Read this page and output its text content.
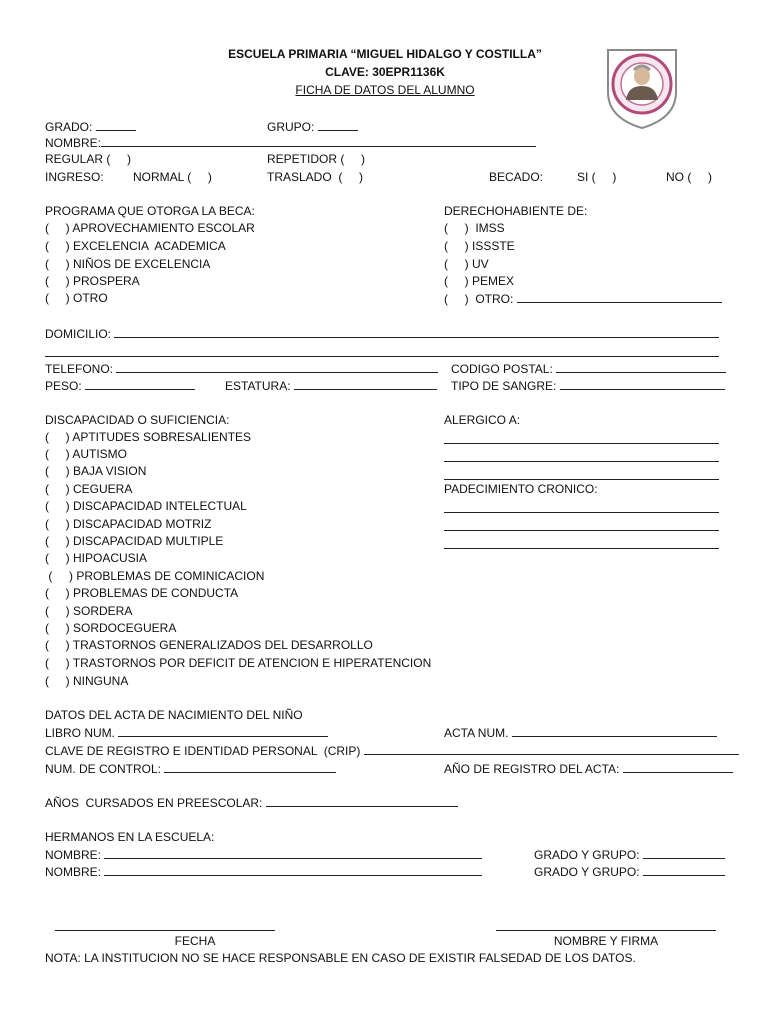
ESCUELA PRIMARIA “MIGUEL HIDALGO Y COSTILLA”
CLAVE: 30EPR1136K
FICHA DE DATOS DEL ALUMNO
GRADO:	GRUPO:
NOMBRE:
REGULAR (     )	REPETIDOR (     )
INGRESO: NORMAL (     )	TRASLADO  (     )	BECADO:	SI (     )	NO (     )
PROGRAMA QUE OTORGA LA BECA:
(     ) APROVECHAMIENTO ESCOLAR
(     ) EXCELENCIA  ACADEMICA
(     ) NIÑOS DE EXCELENCIA
(     ) PROSPERA
(     ) OTRO
DERECHOHABIENTE DE:
(     )  IMSS
(     ) ISSSTE
(     ) UV
(     ) PEMEX
(     )  OTRO:
DOMICILIO:
TELEFONO:	CODIGO POSTAL:
PESO:	ESTATURA:	TIPO DE SANGRE:
DISCAPACIDAD O SUFICIENCIA:
(     ) APTITUDES SOBRESALIENTES
(     ) AUTISMO
(     ) BAJA VISION
(     ) CEGUERA
(     ) DISCAPACIDAD INTELECTUAL
(     ) DISCAPACIDAD MOTRIZ
(     ) DISCAPACIDAD MULTIPLE
(     ) HIPOACUSIA
(     ) PROBLEMAS DE COMINICACION
(     ) PROBLEMAS DE CONDUCTA
(     ) SORDERA
(     ) SORDOCEGUERA
(     ) TRASTORNOS GENERALIZADOS DEL DESARROLLO
(     ) TRASTORNOS POR DEFICIT DE ATENCION E HIPERATENCION
(     ) NINGUNA
ALERGICO A:
PADECIMIENTO CRONICO:
DATOS DEL ACTA DE NACIMIENTO DEL NIÑO
LIBRO NUM.	ACTA NUM.
CLAVE DE REGISTRO E IDENTIDAD PERSONAL  (CRIP)
NUM. DE CONTROL:	AÑO DE REGISTRO DEL ACTA:
AÑOS  CURSADOS EN PREESCOLAR:
HERMANOS EN LA ESCUELA:
NOMBRE:	GRADO Y GRUPO:
NOMBRE:	GRADO Y GRUPO:
FECHA	NOMBRE Y FIRMA
NOTA: LA INSTITUCION NO SE HACE RESPONSABLE EN CASO DE EXISTIR FALSEDAD DE LOS DATOS.
